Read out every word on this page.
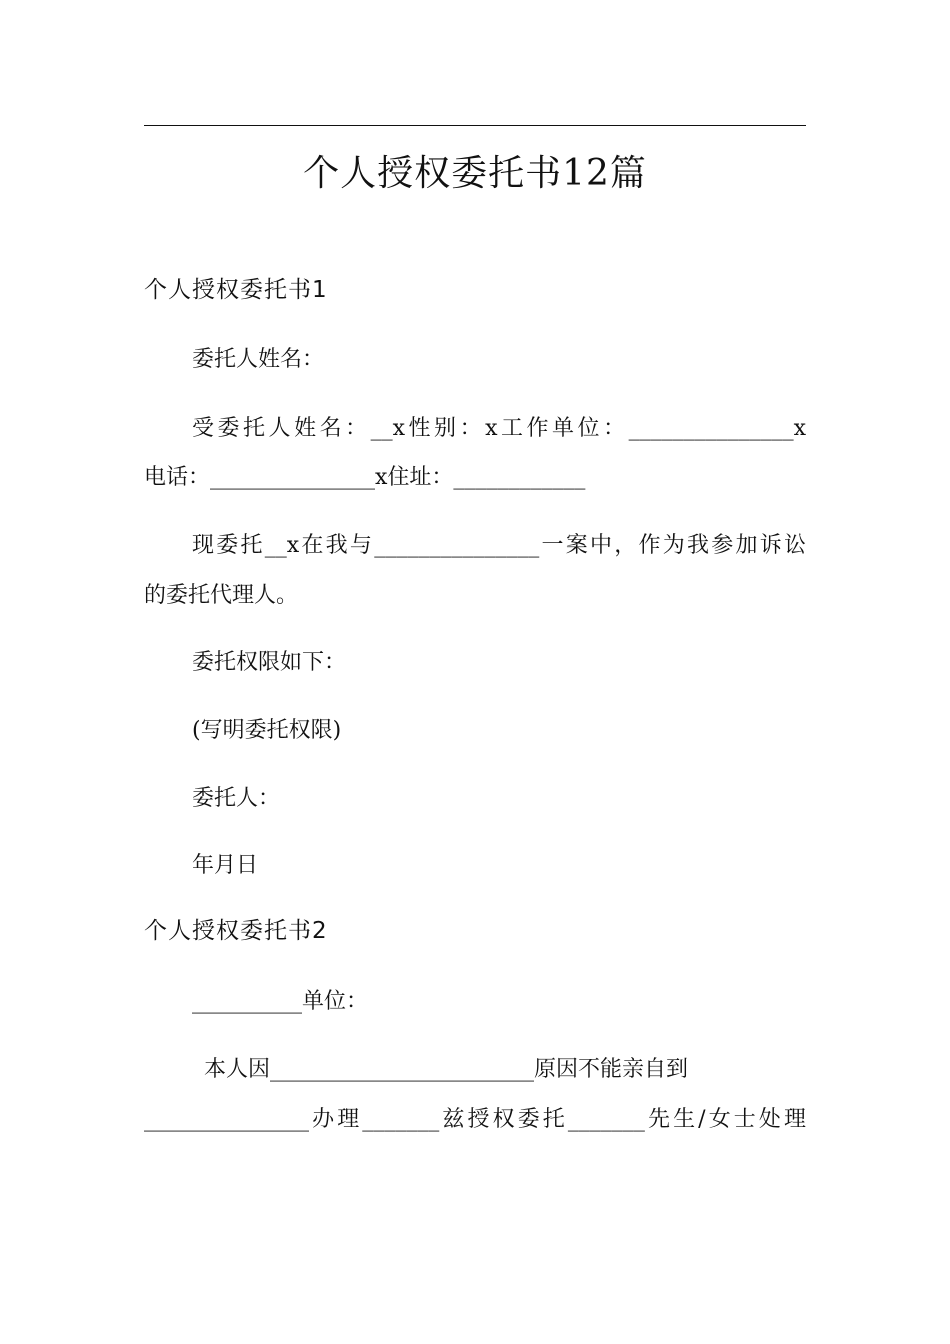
个人授权委托书12篇
个人授权委托书1
委托人姓名：
受委托人姓名：__x性别：x工作单位：_______________x
电话：_______________x住址：____________
现委托__x在我与_______________一案中，作为我参加诉讼
的委托代理人。
委托权限如下：
(写明委托权限)
委托人：
年月日
个人授权委托书2
__________单位：
本人因________________________原因不能亲自到
_______________办理_______兹授权委托_______先生/女士处理
